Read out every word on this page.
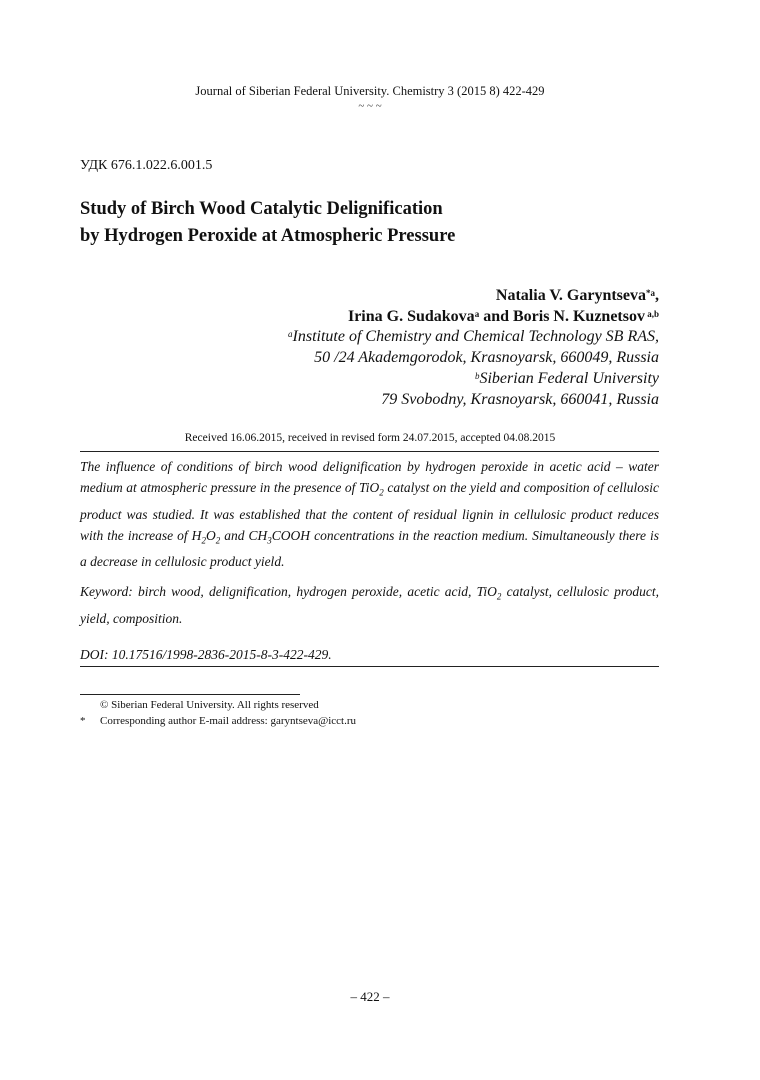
Journal of Siberian Federal University. Chemistry 3 (2015 8) 422-429
~ ~ ~
УДК 676.1.022.6.001.5
Study of Birch Wood Catalytic Delignification
by Hydrogen Peroxide at Atmospheric Pressure
Natalia V. Garyntseva$^{*a}$,
Irina G. Sudakova$^a$ and Boris N. Kuznetsov $^{a,b}$
$^a$Institute of Chemistry and Chemical Technology SB RAS,
50 /24 Akademgorodok, Krasnoyarsk, 660049, Russia
$^b$Siberian Federal University
79 Svobodny, Krasnoyarsk, 660041, Russia
Received 16.06.2015, received in revised form 24.07.2015, accepted 04.08.2015
The influence of conditions of birch wood delignification by hydrogen peroxide in acetic acid – water medium at atmospheric pressure in the presence of TiO$_2$ catalyst on the yield and composition of cellulosic product was studied. It was established that the content of residual lignin in cellulosic product reduces with the increase of $H_2O_2$ and $CH_3COOH$ concentrations in the reaction medium. Simultaneously there is a decrease in cellulosic product yield.
Keyword: birch wood, delignification, hydrogen peroxide, acetic acid, TiO$_2$ catalyst, cellulosic product, yield, composition.
DOI: 10.17516/1998-2836-2015-8-3-422-429.
© Siberian Federal University. All rights reserved
* Corresponding author E-mail address: garyntseva@icct.ru
– 422 –
